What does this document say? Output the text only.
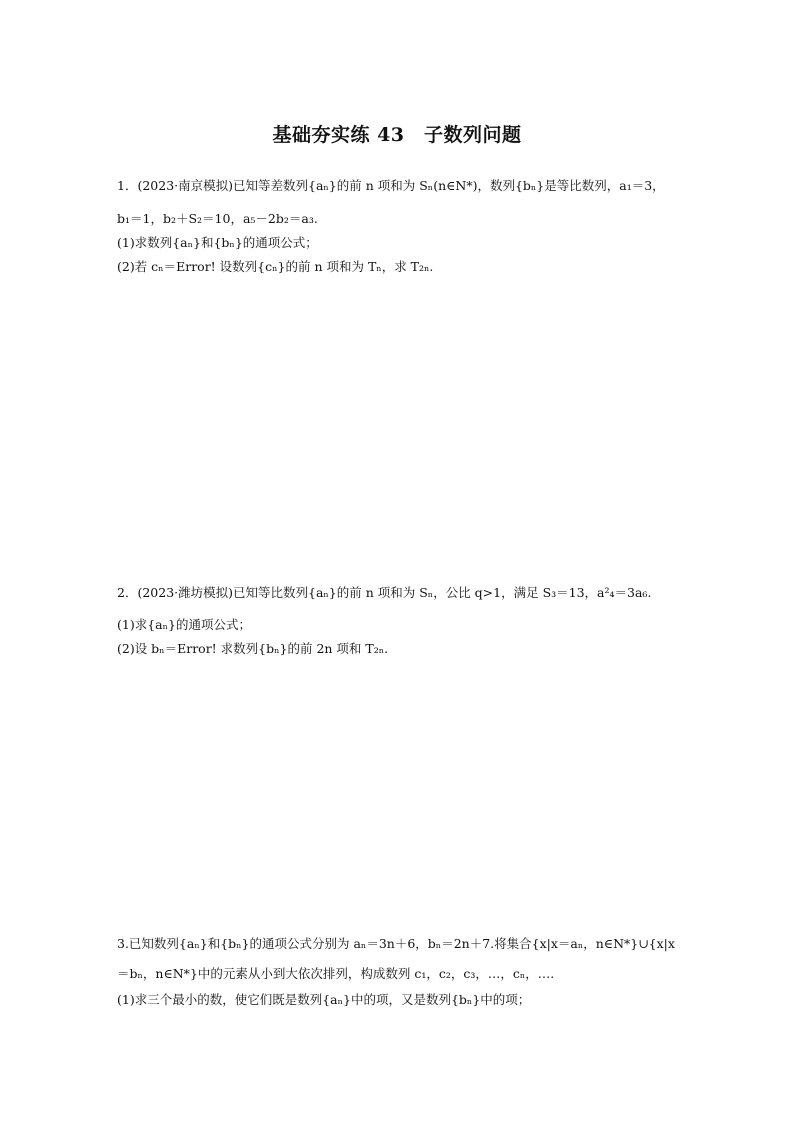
基础夯实练 43　子数列问题
1．(2023·南京模拟)已知等差数列{aₙ}的前 n 项和为 Sₙ(n∈N*)，数列{bₙ}是等比数列，a₁＝3，
b₁＝1，b₂＋S₂＝10，a₅－2b₂＝a₃.
(1)求数列{aₙ}和{bₙ}的通项公式；
(2)若 cₙ＝Error! 设数列{cₙ}的前 n 项和为 Tₙ，求 T₂ₙ.
2．(2023·潍坊模拟)已知等比数列{aₙ}的前 n 项和为 Sₙ，公比 q>1，满足 S₃＝13，a²₄＝3a₆.
(1)求{aₙ}的通项公式；
(2)设 bₙ＝Error! 求数列{bₙ}的前 2n 项和 T₂ₙ.
3.已知数列{aₙ}和{bₙ}的通项公式分别为 aₙ＝3n＋6，bₙ＝2n＋7.将集合{x|x＝aₙ，n∈N*}∪{x|x
＝bₙ，n∈N*}中的元素从小到大依次排列，构成数列 c₁，c₂，c₃，…，cₙ，….
(1)求三个最小的数，使它们既是数列{aₙ}中的项，又是数列{bₙ}中的项；
